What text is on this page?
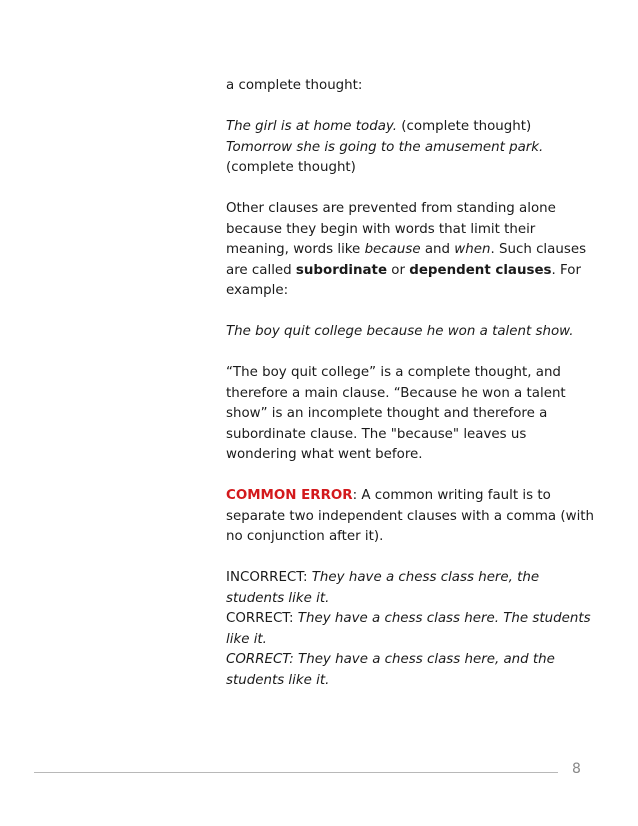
a complete thought:

The girl is at home today. (complete thought)

Tomorrow she is going to the amusement park.

(complete thought)

Other clauses are prevented from standing alone because they begin with words that limit their meaning, words like because and when. Such clauses are called subordinate or dependent clauses. For example:

The boy quit college because he won a talent show.

“The boy quit college” is a complete thought, and therefore a main clause. “Because he won a talent show” is an incomplete thought and therefore a subordinate clause. The "because" leaves us wondering what went before.

COMMON ERROR: A common writing fault is to separate two independent clauses with a comma (with no conjunction after it).

INCORRECT: They have a chess class here, the students like it.

CORRECT: They have a chess class here. The students like it.

CORRECT: They have a chess class here, and the students like it.

8
